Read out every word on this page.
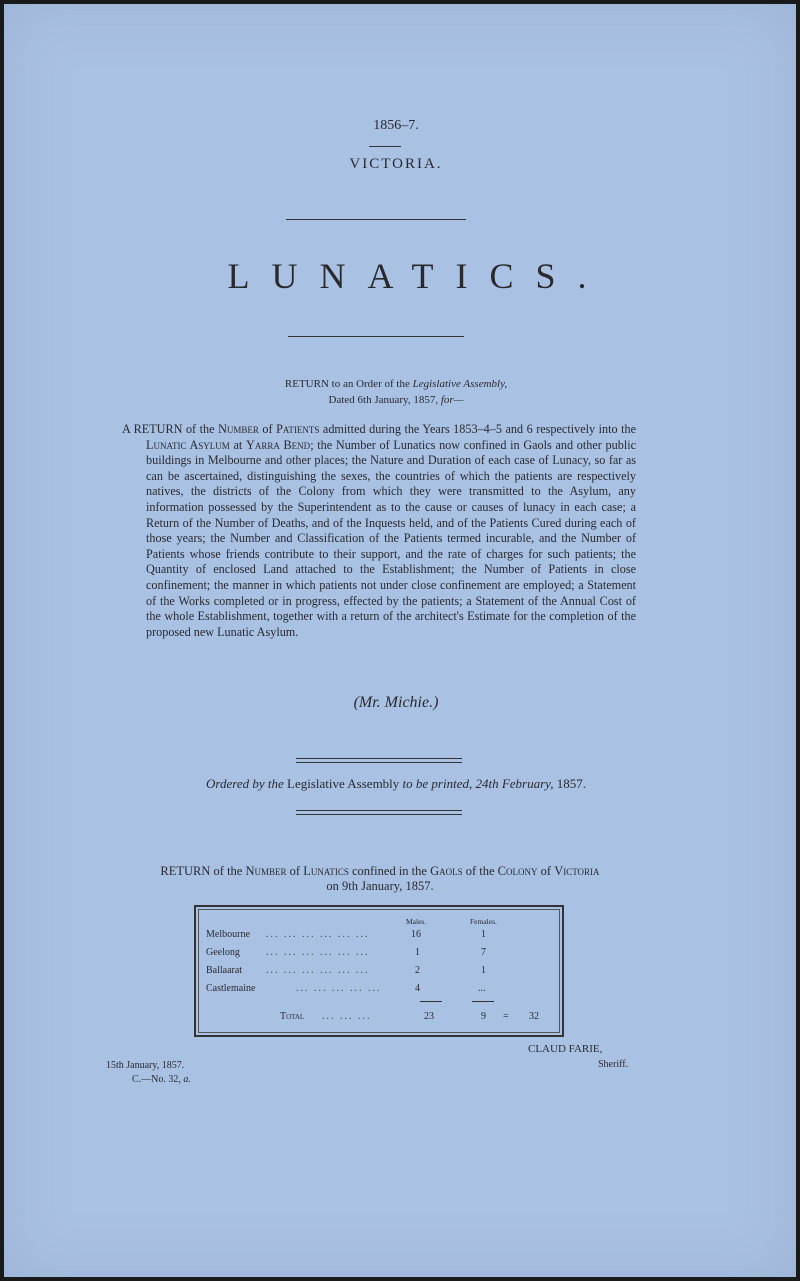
1856–7.
VICTORIA.
LUNATICS.
RETURN to an Order of the Legislative Assembly,
Dated 6th January, 1857, for—
A RETURN of the Number of Patients admitted during the Years 1853–4–5 and 6 respectively into the Lunatic Asylum at Yarra Bend; the Number of Lunatics now confined in Gaols and other public buildings in Melbourne and other places; the Nature and Duration of each case of Lunacy, so far as can be ascertained, distinguishing the sexes, the countries of which the patients are respectively natives, the districts of the Colony from which they were transmitted to the Asylum, any information possessed by the Superintendent as to the cause or causes of lunacy in each case; a Return of the Number of Deaths, and of the Inquests held, and of the Patients Cured during each of those years; the Number and Classification of the Patients termed incurable, and the Number of Patients whose friends contribute to their support, and the rate of charges for such patients; the Quantity of enclosed Land attached to the Establishment; the Number of Patients in close confinement; the manner in which patients not under close confinement are employed; a Statement of the Works completed or in progress, effected by the patients; a Statement of the Annual Cost of the whole Establishment, together with a return of the architect's Estimate for the completion of the proposed new Lunatic Asylum.
(Mr. Michie.)
Ordered by the Legislative Assembly to be printed, 24th February, 1857.
RETURN of the Number of Lunatics confined in the Gaols of the Colony of Victoria
on 9th January, 1857.
Males.	Females.
Melbourne ... ... ... ... ... ...	16	1
Geelong	... ... ... ... ... ...	1	7
Ballaarat ... ... ... ... ... ...	2	1
Castlemaine	... ... ... ... ...	4	...
Total ... ... ...	23	9 = 32
CLAUD FARIE,
Sheriff.
15th January, 1857.
C.—No. 32, a.
